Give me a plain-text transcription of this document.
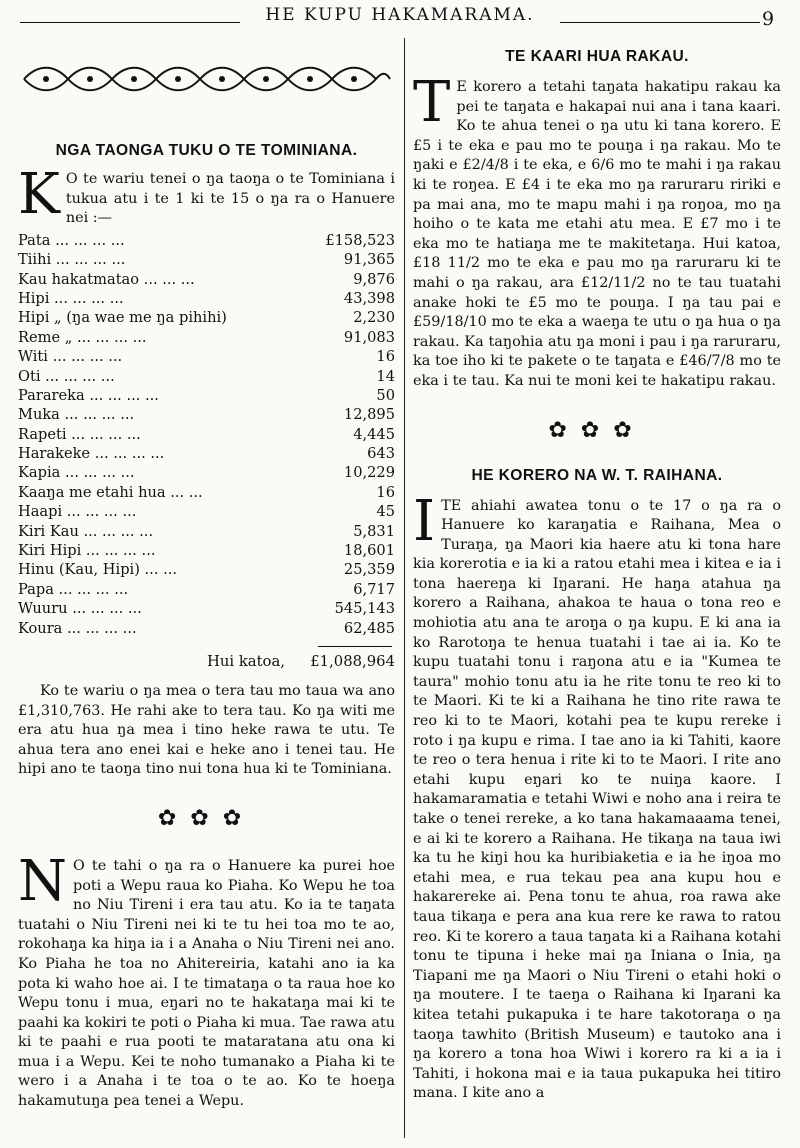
HE KUPU HAKAMARAMA.	9
NGA TAONGA TUKU O TE TOMINIANA.

K O te wariu tenei o ŋa taoŋa o te Tominiana i tukua atu i te 1 ki te 15 o ŋa ra o Hanuere nei :—

Pata ... ... ... ...	£158,523
Tiihi ... ... ... ...	91,365
Kau hakatmatao ... ... ...	9,876
Hipi ... ... ... ...	43,398
Hipi „ (ŋa wae me ŋa pihihi)	2,230
Reme „ ... ... ... ...	91,083
Witi ... ... ... ...	16
Oti ... ... ... ...	14
Parareka ... ... ... ...	50
Muka ... ... ... ...	12,895
Rapeti ... ... ... ...	4,445
Harakeke ... ... ... ...	643
Kapia ... ... ... ...	10,229
Kaaŋa me etahi hua ... ...	16
Haapi ... ... ... ...	45
Kiri Kau ... ... ... ...	5,831
Kiri Hipi ... ... ... ...	18,601
Hinu (Kau, Hipi) ... ...	25,359
Papa ... ... ... ...	6,717
Wuuru ... ... ... ...	545,143
Koura ... ... ... ...	62,485
Hui katoa,	£1,088,964

Ko te wariu o ŋa mea o tera tau mo taua wa ano £1,310,763. He rahi ake to tera tau. Ko ŋa witi me era atu hua ŋa mea i tino heke rawa te utu. Te ahua tera ano enei kai e heke ano i tenei tau. He hipi ano te taoŋa tino nui tona hua ki te Tominiana.

✿✿✿

N O te tahi o ŋa ra o Hanuere ka purei hoe poti a Wepu raua ko Piaha. Ko Wepu he toa no Niu Tireni i era tau atu. Ko ia te taŋata tuatahi o Niu Tireni nei ki te tu hei toa mo te ao, rokohaŋa ka hiŋa ia i a Anaha o Niu Tireni nei ano. Ko Piaha he toa no Ahitereiria, katahi ano ia ka pota ki waho hoe ai. I te timataŋa o ta raua hoe ko Wepu tonu i mua, eŋari no te hakataŋa mai ki te paahi ka kokiri te poti o Piaha ki mua. Tae rawa atu ki te paahi e rua pooti te mataratana atu ona ki mua i a Wepu. Kei te noho tumanako a Piaha ki te wero i a Anaha i te toa o te ao. Ko te hoeŋa hakamutuŋa pea tenei a Wepu.

TE KAARI HUA RAKAU.

T E korero a tetahi taŋata hakatipu rakau ka pei te taŋata e hakapai nui ana i tana kaari. Ko te ahua tenei o ŋa utu ki tana korero. E £5 i te eka e pau mo te pouŋa i ŋa rakau. Mo te ŋaki e £2/4/8 i te eka, e 6/6 mo te mahi i ŋa rakau ki te roŋea. E £4 i te eka mo ŋa raruraru ririki e pa mai ana, mo te mapu mahi i ŋa roŋoa, mo ŋa hoiho o te kata me etahi atu mea. E £7 mo i te eka mo te hatiaŋa me te makitetaŋa. Hui katoa, £18 11/2 mo te eka e pau mo ŋa raruraru ki te mahi o ŋa rakau, ara £12/11/2 no te tau tuatahi anake hoki te £5 mo te pouŋa. I ŋa tau pai e £59/18/10 mo te eka a waeŋa te utu o ŋa hua o ŋa rakau. Ka taŋohia atu ŋa moni i pau i ŋa raruraru, ka toe iho ki te pakete o te taŋata e £46/7/8 mo te eka i te tau. Ka nui te moni kei te hakatipu rakau.

✿✿✿
HE KORERO NA W. T. RAIHANA.

ITE ahiahi awatea tonu o te 17 o ŋa ra o Hanuere ko karaŋatia e Raihana, Mea o Turaŋa, ŋa Maori kia haere atu ki tona hare kia korerotia e ia ki a ratou etahi mea i kitea e ia i tona haereŋa ki Iŋarani. He haŋa atahua ŋa korero a Raihana, ahakoa te haua o tona reo e mohiotia atu ana te aroŋa o ŋa kupu. E ki ana ia ko Rarotoŋa te henua tuatahi i tae ai ia. Ko te kupu tuatahi tonu i raŋona atu e ia "Kumea te taura" mohio tonu atu ia he rite tonu te reo ki to te Maori. Ki te ki a Raihana he tino rite rawa te reo ki to te Maori, kotahi pea te kupu rereke i roto i ŋa kupu e rima. I tae ano ia ki Tahiti, kaore te reo o tera henua i rite ki to te Maori. I rite ano etahi kupu eŋari ko te nuiŋa kaore. I hakamaramatia e tetahi Wiwi e noho ana i reira te take o tenei rereke, a ko tana hakamaaama tenei, e ai ki te korero a Raihana. He tikaŋa na taua iwi ka tu he kiŋi hou ka huribiaketia e ia he iŋoa mo etahi mea, e rua tekau pea ana kupu hou e hakarereke ai. Pena tonu te ahua, roa rawa ake taua tikaŋa e pera ana kua rere ke rawa to ratou reo. Ki te korero a taua taŋata ki a Raihana kotahi tonu te tipuna i heke mai ŋa Iniana o Inia, ŋa Tiapani me ŋa Maori o Niu Tireni o etahi hoki o ŋa moutere. I te taeŋa o Raihana ki Iŋarani ka kitea tetahi pukapuka i te hare takotoraŋa o ŋa taoŋa tawhito (British Museum) e tautoko ana i ŋa korero a tona hoa Wiwi i korero ra ki a ia i Tahiti, i hokona mai e ia taua pukapuka hei titiro mana. I kite ano a
